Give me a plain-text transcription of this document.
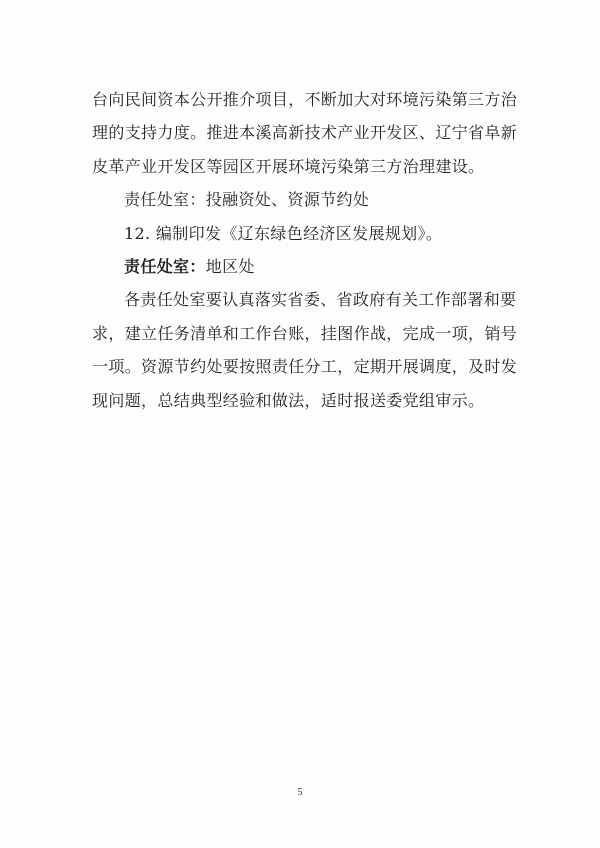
台向民间资本公开推介项目，不断加大对环境污染第三方治
理的支持力度。推进本溪高新技术产业开发区、辽宁省阜新
皮革产业开发区等园区开展环境污染第三方治理建设。
责任处室：投融资处、资源节约处
12. 编制印发《辽东绿色经济区发展规划》。
责任处室：地区处
各责任处室要认真落实省委、省政府有关工作部署和要
求，建立任务清单和工作台账，挂图作战，完成一项，销号
一项。资源节约处要按照责任分工，定期开展调度，及时发
现问题，总结典型经验和做法，适时报送委党组审示。
5
